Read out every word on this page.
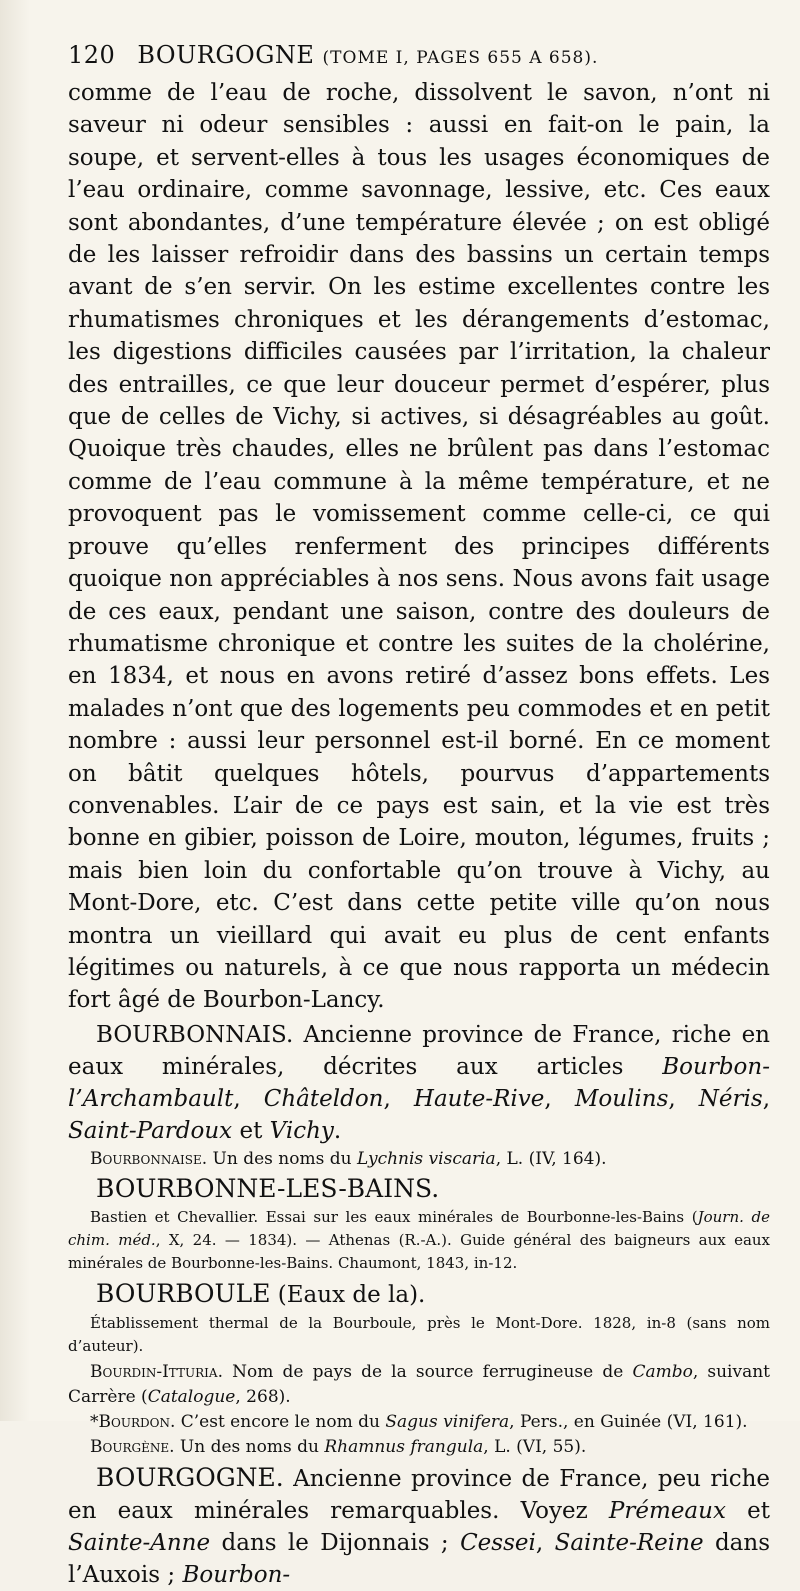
120 BOURGOGNE (TOME I, PAGES 655 A 658).

comme de l’eau de roche, dissolvent le savon, n’ont ni saveur ni odeur sensibles : aussi en fait-on le pain, la soupe, et servent-elles à tous les usages économiques de l’eau ordinaire, comme savonnage, lessive, etc. Ces eaux sont abondantes, d’une température élevée ; on est obligé de les laisser refroidir dans des bassins un certain temps avant de s’en servir. On les estime excellentes contre les rhumatismes chroniques et les dérangements d’estomac, les digestions difficiles causées par l’irritation, la chaleur des entrailles, ce que leur douceur permet d’espérer, plus que de celles de Vichy, si actives, si désagréables au goût. Quoique très chaudes, elles ne brûlent pas dans l’estomac comme de l’eau commune à la même température, et ne provoquent pas le vomissement comme celle-ci, ce qui prouve qu’elles renferment des principes différents quoique non appréciables à nos sens. Nous avons fait usage de ces eaux, pendant une saison, contre des douleurs de rhumatisme chronique et contre les suites de la cholérine, en 1834, et nous en avons retiré d’assez bons effets. Les malades n’ont que des logements peu commodes et en petit nombre : aussi leur personnel est-il borné. En ce moment on bâtit quelques hôtels, pourvus d’appartements convenables. L’air de ce pays est sain, et la vie est très bonne en gibier, poisson de Loire, mouton, légumes, fruits ; mais bien loin du confortable qu’on trouve à Vichy, au Mont-Dore, etc. C’est dans cette petite ville qu’on nous montra un vieillard qui avait eu plus de cent enfants légitimes ou naturels, à ce que nous rapporta un médecin fort âgé de Bourbon-Lancy.

BOURBONNAIS. Ancienne province de France, riche en eaux minérales, décrites aux articles Bourbon-l’Archambault, Châteldon, Haute-Rive, Moulins, Néris, Saint-Pardoux et Vichy.

Bourbonnaise. Un des noms du Lychnis viscaria, L. (IV, 164).

BOURBONNE-LES-BAINS.

Bastien et Chevallier. Essai sur les eaux minérales de Bourbonne-les-Bains (Journ. de chim. méd., X, 24. — 1834). — Athenas (R.-A.). Guide général des baigneurs aux eaux minérales de Bourbonne-les-Bains. Chaumont, 1843, in-12.

BOURBOULE (Eaux de la).

Établissement thermal de la Bourboule, près le Mont-Dore. 1828, in-8 (sans nom d’auteur).

Bourdin-Itturia. Nom de pays de la source ferrugineuse de Cambo, suivant Carrère (Catalogue, 268).

*Bourdon. C’est encore le nom du Sagus vinifera, Pers., en Guinée (VI, 161).

Bourgène. Un des noms du Rhamnus frangula, L. (VI, 55).

BOURGOGNE. Ancienne province de France, peu riche en eaux minérales remarquables. Voyez Prémeaux et Sainte-Anne dans le Dijonnais ; Cessei, Sainte-Reine dans l’Auxois ; Bourbon-
